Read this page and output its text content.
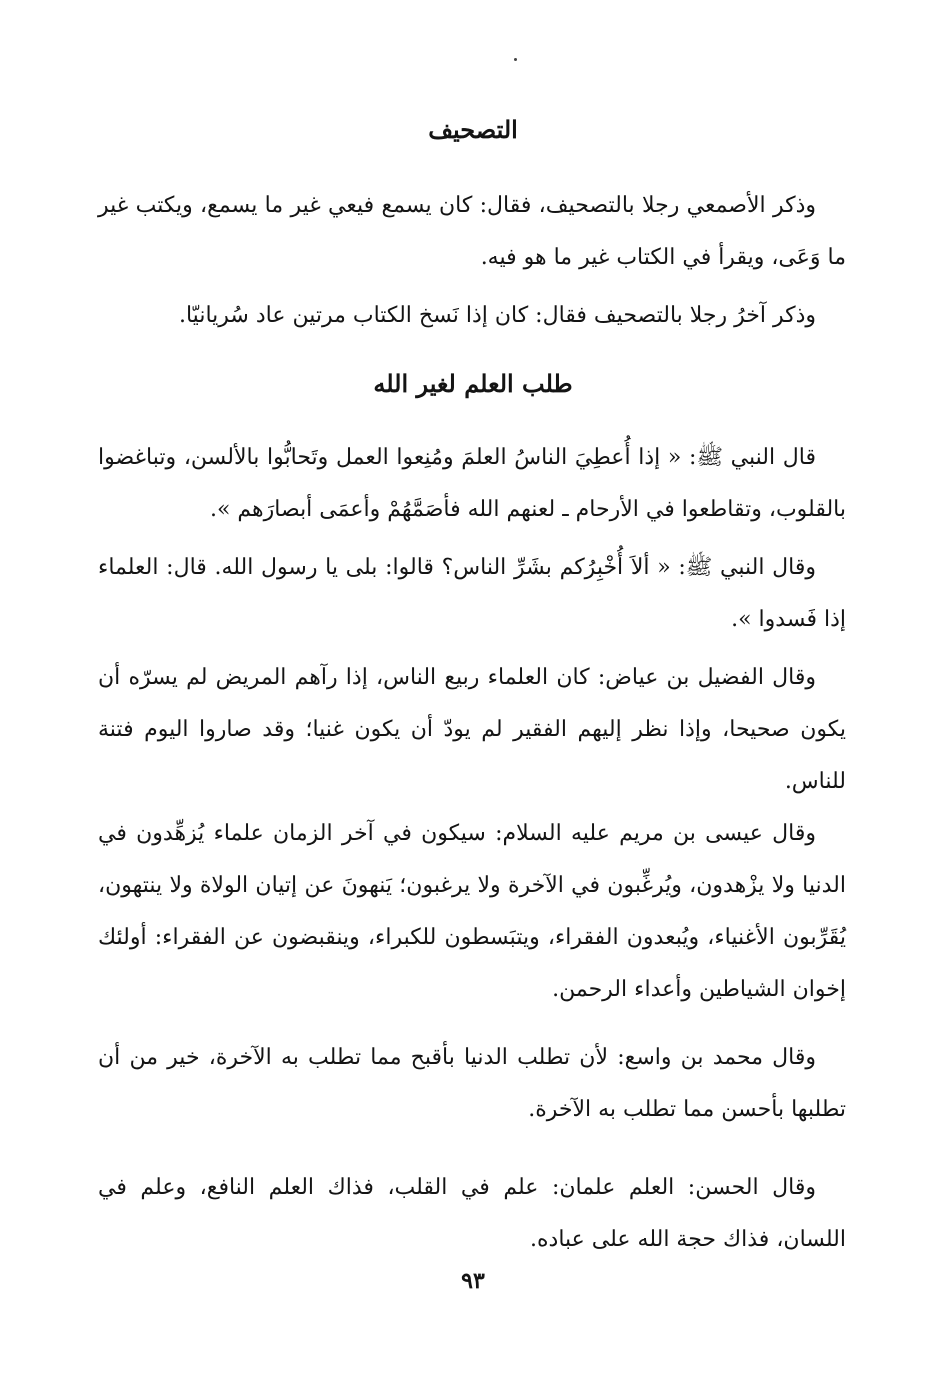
التصحيف

وذكر الأصمعي رجلا بالتصحيف، فقال: كان يسمع فيعي غير ما يسمع، ويكتب غير ما وَعَى، ويقرأ في الكتاب غير ما هو فيه.

وذكر آخرُ رجلا بالتصحيف فقال: كان إذا نَسخ الكتاب مرتين عاد سُريانيّا.

طلب العلم لغير الله

قال النبي ﷺ: « إذا أُعطِيَ الناسُ العلمَ ومُنِعوا العمل وتَحابُّوا بالألسن، وتباغضوا بالقلوب، وتقاطعوا في الأرحام ـ لعنهم الله فأصَمَّهُمْ وأعمَى أبصارَهم ».

وقال النبي ﷺ: « ألاَ أُخْبِرُكم بشَرِّ الناس؟ قالوا: بلى يا رسول الله. قال: العلماء إذا فَسدوا ».

وقال الفضيل بن عياض: كان العلماء ربيع الناس، إذا رآهم المريض لم يسرّه أن يكون صحيحا، وإذا نظر إليهم الفقير لم يودّ أن يكون غنيا؛ وقد صاروا اليوم فتنة للناس.

وقال عيسى بن مريم عليه السلام: سيكون في آخر الزمان علماء يُزهِّدون في الدنيا ولا يزْهدون، ويُرغِّبون في الآخرة ولا يرغبون؛ يَنهونَ عن إتيان الولاة ولا ينتهون، يُقَرِّبون الأغنياء، ويُبعدون الفقراء، ويتبَسطون للكبراء، وينقبضون عن الفقراء: أولئك إخوان الشياطين وأعداء الرحمن.

وقال محمد بن واسع: لأن تطلب الدنيا بأقبح مما تطلب به الآخرة، خير من أن تطلبها بأحسن مما تطلب به الآخرة.

وقال الحسن: العلم علمان: علم في القلب، فذاك العلم النافع، وعلم في اللسان، فذاك حجة الله على عباده.

٩٣
